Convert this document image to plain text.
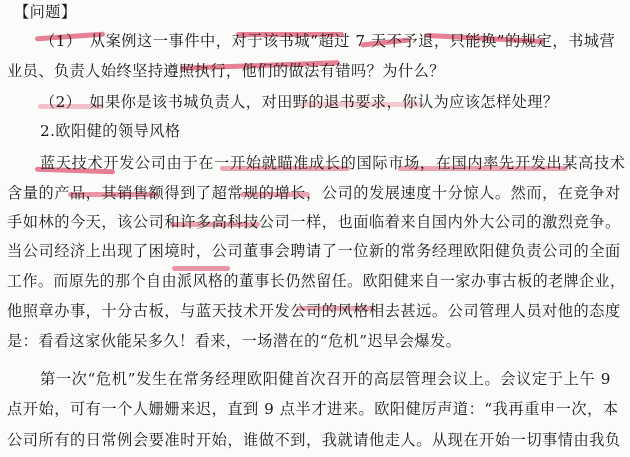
【问题】
（1）　从案例这一事件中，对于该书城“超过 7 天不予退，只能换”的规定，书城营
业员、负责人始终坚持遵照执行，他们的做法有错吗？为什么？
（2）　如果你是该书城负责人，对田野的退书要求，你认为应该怎样处理？
2.欧阳健的领导风格
蓝天技术开发公司由于在一开始就瞄准成长的国际市场，在国内率先开发出某高技术
含量的产品，其销售额得到了超常规的增长，公司的发展速度十分惊人。然而，在竞争对
手如林的今天，该公司和许多高科技公司一样，也面临着来自国内外大公司的激烈竞争。
当公司经济上出现了困境时，公司董事会聘请了一位新的常务经理欧阳健负责公司的全面
工作。而原先的那个自由派风格的董事长仍然留任。欧阳健来自一家办事古板的老牌企业，
他照章办事，十分古板，与蓝天技术开发公司的风格相去甚远。公司管理人员对他的态度
是：看看这家伙能呆多久！看来，一场潜在的“危机”迟早会爆发。
第一次“危机”发生在常务经理欧阳健首次召开的高层管理会议上。会议定于上午 9
点开始，可有一个人姗姗来迟，直到 9 点半才进来。欧阳健厉声道：“我再重申一次，本
公司所有的日常例会要准时开始，谁做不到，我就请他走人。从现在开始一切事情由我负
